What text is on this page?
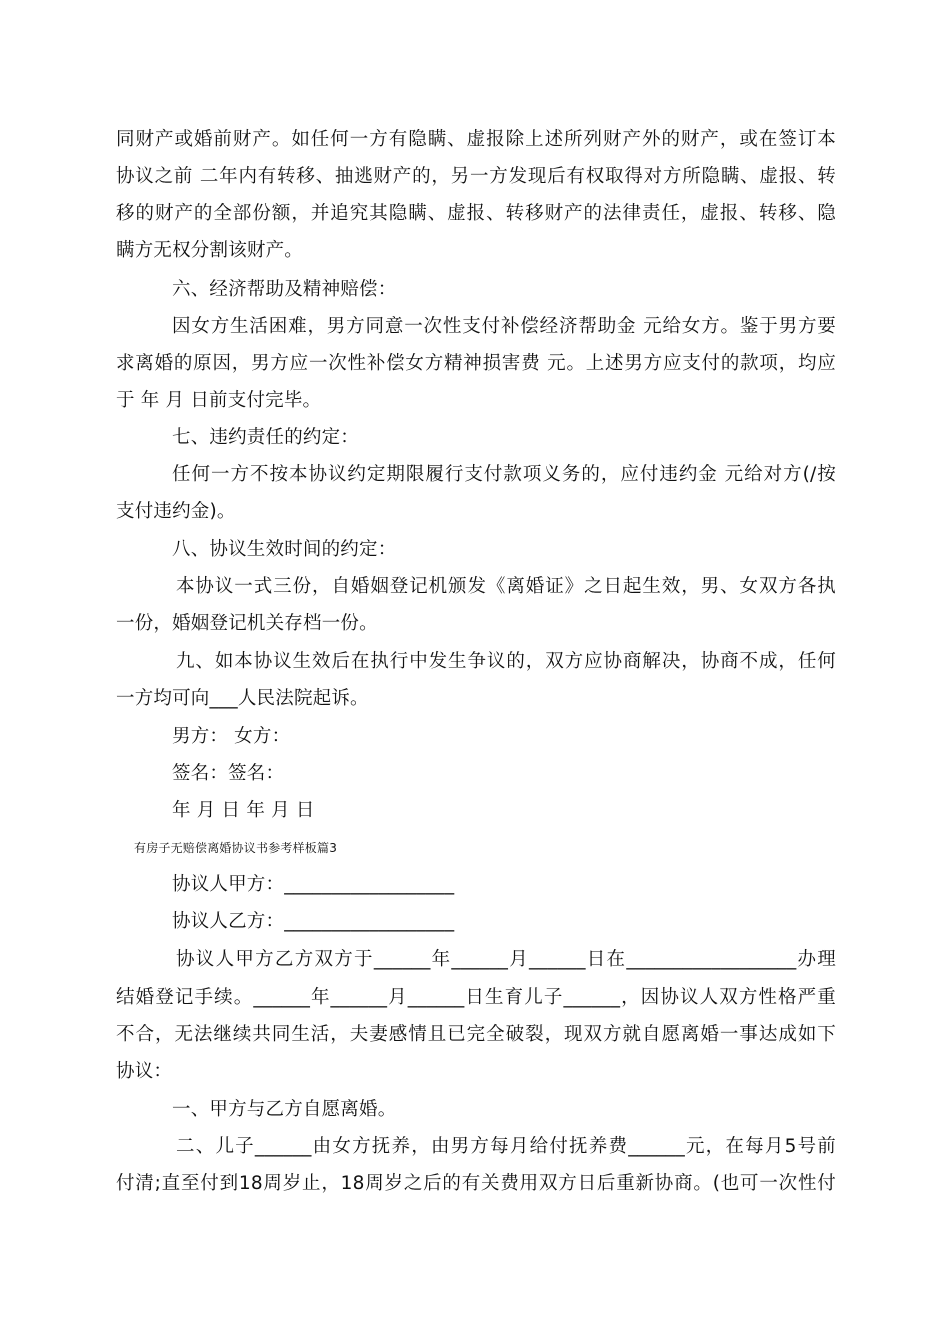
同财产或婚前财产。如任何一方有隐瞒、虚报除上述所列财产外的财产，或在签订本
协议之前 二年内有转移、抽逃财产的，另一方发现后有权取得对方所隐瞒、虚报、转
移的财产的全部份额，并追究其隐瞒、虚报、转移财产的法律责任，虚报、转移、隐
瞒方无权分割该财产。
六、经济帮助及精神赔偿：
因女方生活困难，男方同意一次性支付补偿经济帮助金 元给女方。鉴于男方要
求离婚的原因，男方应一次性补偿女方精神损害费 元。上述男方应支付的款项，均应
于 年 月 日前支付完毕。
七、违约责任的约定：
任何一方不按本协议约定期限履行支付款项义务的，应付违约金 元给对方(/按
支付违约金)。
八、协议生效时间的约定：
本协议一式三份，自婚姻登记机颁发《离婚证》之日起生效，男、女双方各执
一份，婚姻登记机关存档一份。
九、如本协议生效后在执行中发生争议的，双方应协商解决，协商不成，任何
一方均可向___人民法院起诉。
男方： 女方：
签名：签名：
年 月 日 年 月 日
有房子无赔偿离婚协议书参考样板篇3
协议人甲方：__________________
协议人乙方：__________________
协议人甲方乙方双方于______年______月______日在__________________办理
结婚登记手续。______年______月______日生育儿子______，因协议人双方性格严重
不合，无法继续共同生活，夫妻感情且已完全破裂，现双方就自愿离婚一事达成如下
协议：
一、甲方与乙方自愿离婚。
二、儿子______由女方抚养，由男方每月给付抚养费______元，在每月5号前
付清;直至付到18周岁止，18周岁之后的有关费用双方日后重新协商。(也可一次性付
